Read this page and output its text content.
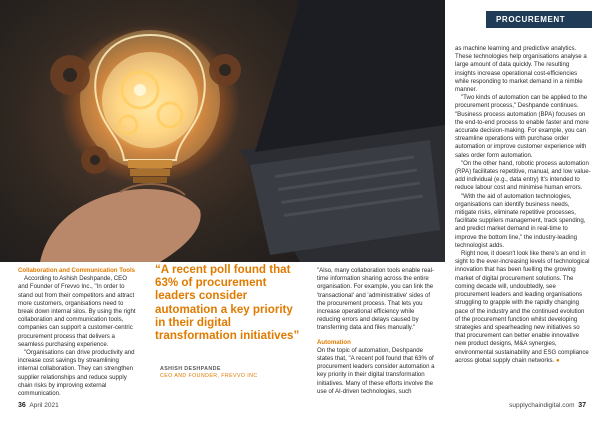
PROCUREMENT

Collaboration and Communication Tools

According to Ashish Deshpande, CEO and Founder of Frevvo Inc., "In order to stand out from their competitors and attract more customers, organisations need to break down internal silos. By using the right collaboration and communication tools, companies can support a customer-centric procurement process that delivers a seamless purchasing experience.

"Organisations can drive productivity and increase cost savings by streamlining internal collaboration. They can strengthen supplier relationships and reduce supply chain risks by improving external communication.

“A recent poll found that 63% of procurement leaders consider automation a key priority in their digital transformation initiatives”
ASHISH DESHPANDE
CEO AND FOUNDER, FREVVO INC

"Also, many collaboration tools enable real-time information sharing across the entire organisation. For example, you can link the 'transactional' and 'administrative' sides of the procurement process. That lets you increase operational efficiency while reducing errors and delays caused by transferring data and files manually."

Automation

On the topic of automation, Deshpande states that, "A recent poll found that 63% of procurement leaders consider automation a key priority in their digital transformation initiatives. Many of these efforts involve the use of AI-driven technologies, such

as machine learning and predictive analytics. These technologies help organisations analyse a large amount of data quickly. The resulting insights increase operational cost-efficiencies while responding to market demand in a nimble manner.

"Two kinds of automation can be applied to the procurement process," Deshpande continues. "Business process automation (BPA) focuses on the end-to-end process to enable faster and more accurate decision-making. For example, you can streamline operations with purchase order automation or improve customer experience with sales order form automation.

"On the other hand, robotic process automation (RPA) facilitates repetitive, manual, and low value-add individual (e.g., data entry) It's intended to reduce labour cost and minimise human errors.

"With the aid of automation technologies, organisations can identify business needs, mitigate risks, eliminate repetitive processes, facilitate suppliers management, track spending, and predict market demand in real-time to improve the bottom line," the industry-leading technologist adds.

Right now, it doesn't look like there's an end in sight to the ever-increasing levels of technological innovation that has been fuelling the growing market of digital procurement solutions. The coming decade will, undoubtedly, see procurement leaders and leading organisations struggling to grapple with the rapidly changing pace of the industry and the continued evolution of the procurement function whilst developing strategies and spearheading new initiatives so that procurement can better enable innovative new product designs, M&A synergies, environmental sustainability and ESG compliance across global supply chain networks. ●

36 April 2021	supplychaindigital.com 37
